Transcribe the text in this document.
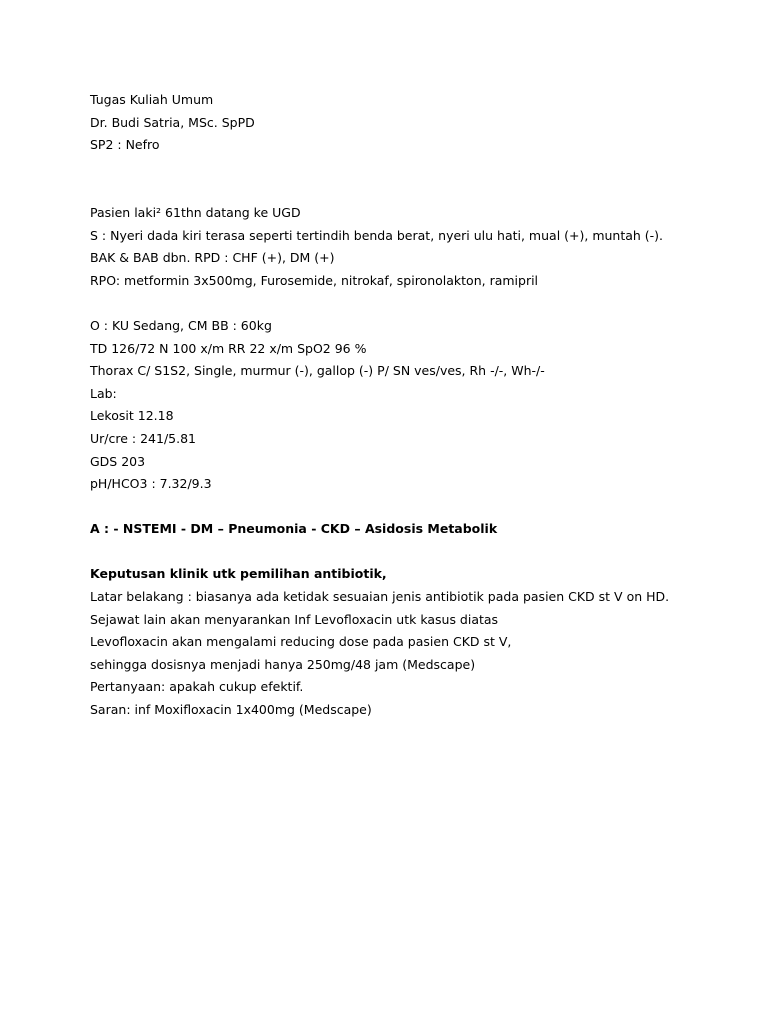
Tugas Kuliah Umum
Dr. Budi Satria, MSc. SpPD
SP2 : Nefro
Pasien laki² 61thn datang ke UGD
S : Nyeri dada kiri terasa seperti tertindih benda berat, nyeri ulu hati, mual (+), muntah (-).
BAK & BAB dbn. RPD : CHF (+), DM (+)
RPO: metformin 3x500mg, Furosemide, nitrokaf, spironolakton, ramipril
O : KU Sedang, CM BB : 60kg
TD 126/72 N 100 x/m RR 22 x/m SpO2 96 %
Thorax C/ S1S2, Single, murmur (-), gallop (-) P/ SN ves/ves, Rh -/-, Wh-/-
Lab:
Lekosit 12.18
Ur/cre : 241/5.81
GDS 203
pH/HCO3 : 7.32/9.3
A : - NSTEMI - DM – Pneumonia - CKD – Asidosis Metabolik
Keputusan klinik utk pemilihan antibiotik,
Latar belakang : biasanya ada ketidak sesuaian jenis antibiotik pada pasien CKD st V on HD.
Sejawat lain akan menyarankan Inf Levofloxacin utk kasus diatas
Levofloxacin akan mengalami reducing dose pada pasien CKD st V,
sehingga dosisnya menjadi hanya 250mg/48 jam (Medscape)
Pertanyaan: apakah cukup efektif.
Saran: inf Moxifloxacin 1x400mg (Medscape)
